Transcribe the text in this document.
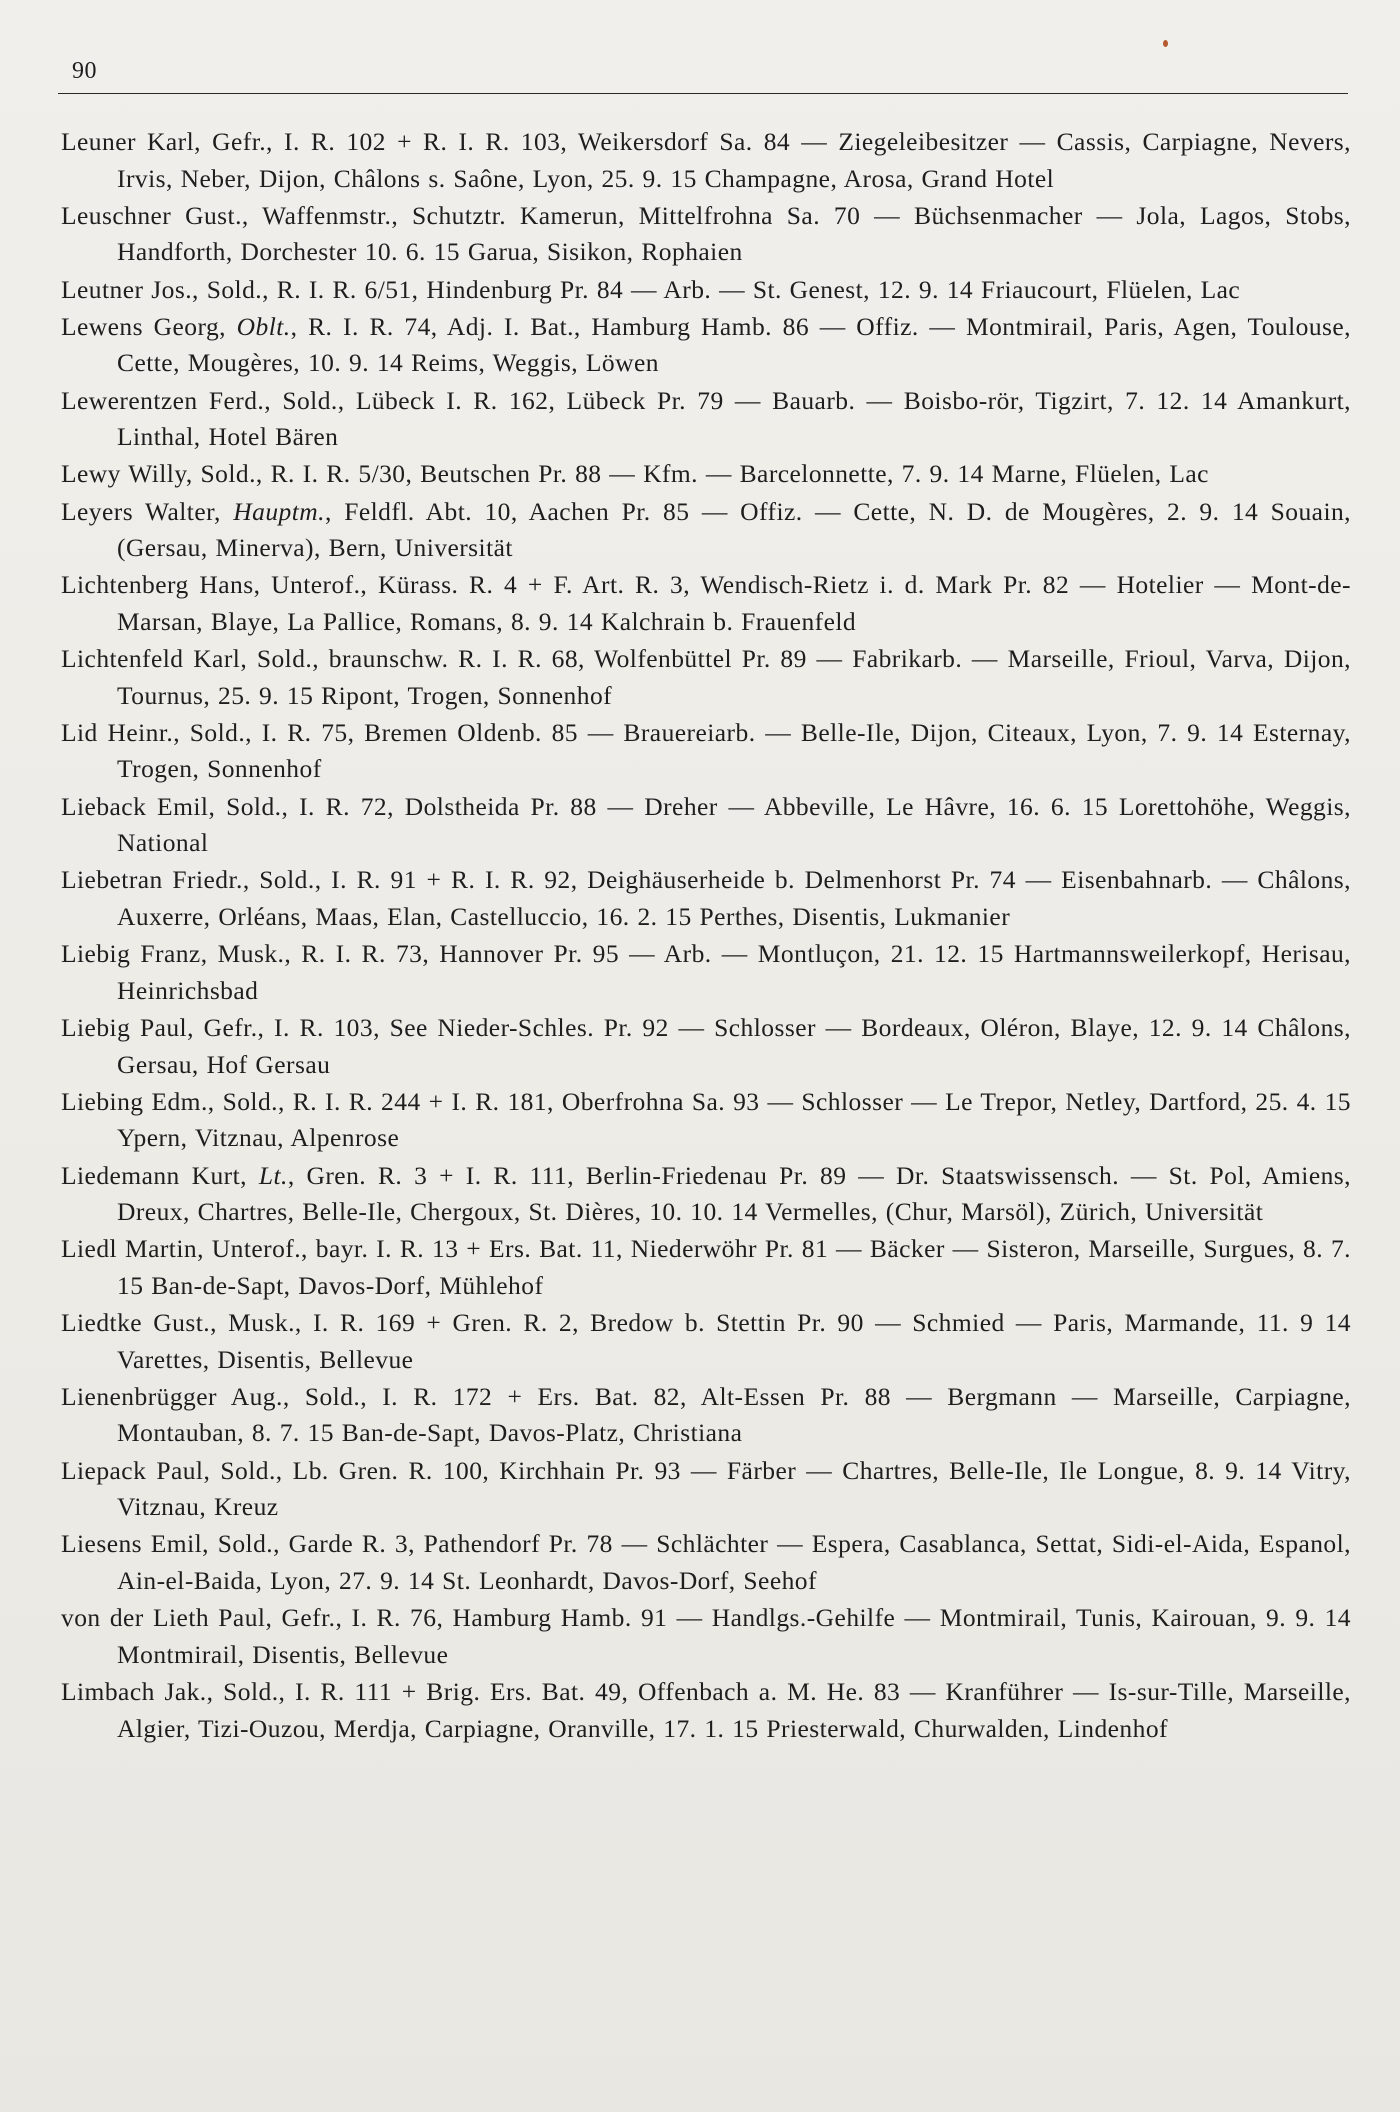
90

Leuner Karl, Gefr., I. R. 102 + R. I. R. 103, Weikersdorf Sa. 84 — Ziegeleibesitzer — Cassis, Carpiagne, Nevers, Irvis, Neber, Dijon, Châlons s. Saône, Lyon, 25. 9. 15 Champagne, Arosa, Grand Hotel

Leuschner Gust., Waffenmstr., Schutztr. Kamerun, Mittelfrohna Sa. 70 — Büchsenmacher — Jola, Lagos, Stobs, Handforth, Dorchester 10. 6. 15 Garua, Sisikon, Rophaien

Leutner Jos., Sold., R. I. R. 6/51, Hindenburg Pr. 84 — Arb. — St. Genest, 12. 9. 14 Friaucourt, Flüelen, Lac

Lewens Georg, Oblt., R. I. R. 74, Adj. I. Bat., Hamburg Hamb. 86 — Offiz. — Montmirail, Paris, Agen, Toulouse, Cette, Mougères, 10. 9. 14 Reims, Weggis, Löwen

Lewerentzen Ferd., Sold., Lübeck I. R. 162, Lübeck Pr. 79 — Bauarb. — Boisbo-rör, Tigzirt, 7. 12. 14 Amankurt, Linthal, Hotel Bären

Lewy Willy, Sold., R. I. R. 5/30, Beutschen Pr. 88 — Kfm. — Barcelonnette, 7. 9. 14 Marne, Flüelen, Lac

Leyers Walter, Hauptm., Feldfl. Abt. 10, Aachen Pr. 85 — Offiz. — Cette, N. D. de Mougères, 2. 9. 14 Souain, (Gersau, Minerva), Bern, Universität

Lichtenberg Hans, Unterof., Kürass. R. 4 + F. Art. R. 3, Wendisch-Rietz i. d. Mark Pr. 82 — Hotelier — Mont-de-Marsan, Blaye, La Pallice, Romans, 8. 9. 14 Kalchrain b. Frauenfeld

Lichtenfeld Karl, Sold., braunschw. R. I. R. 68, Wolfenbüttel Pr. 89 — Fabrikarb. — Marseille, Frioul, Varva, Dijon, Tournus, 25. 9. 15 Ripont, Trogen, Sonnenhof

Lid Heinr., Sold., I. R. 75, Bremen Oldenb. 85 — Brauereiarb. — Belle-Ile, Dijon, Citeaux, Lyon, 7. 9. 14 Esternay, Trogen, Sonnenhof

Lieback Emil, Sold., I. R. 72, Dolstheida Pr. 88 — Dreher — Abbeville, Le Hâvre, 16. 6. 15 Lorettohöhe, Weggis, National

Liebetran Friedr., Sold., I. R. 91 + R. I. R. 92, Deighäuserheide b. Delmenhorst Pr. 74 — Eisenbahnarb. — Châlons, Auxerre, Orléans, Maas, Elan, Castelluccio, 16. 2. 15 Perthes, Disentis, Lukmanier

Liebig Franz, Musk., R. I. R. 73, Hannover Pr. 95 — Arb. — Montluçon, 21. 12. 15 Hartmannsweilerkopf, Herisau, Heinrichsbad

Liebig Paul, Gefr., I. R. 103, See Nieder-Schles. Pr. 92 — Schlosser — Bordeaux, Oléron, Blaye, 12. 9. 14 Châlons, Gersau, Hof Gersau

Liebing Edm., Sold., R. I. R. 244 + I. R. 181, Oberfrohna Sa. 93 — Schlosser — Le Trepor, Netley, Dartford, 25. 4. 15 Ypern, Vitznau, Alpenrose

Liedemann Kurt, Lt., Gren. R. 3 + I. R. 111, Berlin-Friedenau Pr. 89 — Dr. Staatswissensch. — St. Pol, Amiens, Dreux, Chartres, Belle-Ile, Chergoux, St. Dières, 10. 10. 14 Vermelles, (Chur, Marsöl), Zürich, Universität

Liedl Martin, Unterof., bayr. I. R. 13 + Ers. Bat. 11, Niederwöhr Pr. 81 — Bäcker — Sisteron, Marseille, Surgues, 8. 7. 15 Ban-de-Sapt, Davos-Dorf, Mühlehof

Liedtke Gust., Musk., I. R. 169 + Gren. R. 2, Bredow b. Stettin Pr. 90 — Schmied — Paris, Marmande, 11. 9 14 Varettes, Disentis, Bellevue

Lienenbrügger Aug., Sold., I. R. 172 + Ers. Bat. 82, Alt-Essen Pr. 88 — Bergmann — Marseille, Carpiagne, Montauban, 8. 7. 15 Ban-de-Sapt, Davos-Platz, Christiana

Liepack Paul, Sold., Lb. Gren. R. 100, Kirchhain Pr. 93 — Färber — Chartres, Belle-Ile, Ile Longue, 8. 9. 14 Vitry, Vitznau, Kreuz

Liesens Emil, Sold., Garde R. 3, Pathendorf Pr. 78 — Schlächter — Espera, Casablanca, Settat, Sidi-el-Aida, Espanol, Ain-el-Baida, Lyon, 27. 9. 14 St. Leonhardt, Davos-Dorf, Seehof

von der Lieth Paul, Gefr., I. R. 76, Hamburg Hamb. 91 — Handlgs.-Gehilfe — Montmirail, Tunis, Kairouan, 9. 9. 14 Montmirail, Disentis, Bellevue

Limbach Jak., Sold., I. R. 111 + Brig. Ers. Bat. 49, Offenbach a. M. He. 83 — Kranführer — Is-sur-Tille, Marseille, Algier, Tizi-Ouzou, Merdja, Carpiagne, Oranville, 17. 1. 15 Priesterwald, Churwalden, Lindenhof
